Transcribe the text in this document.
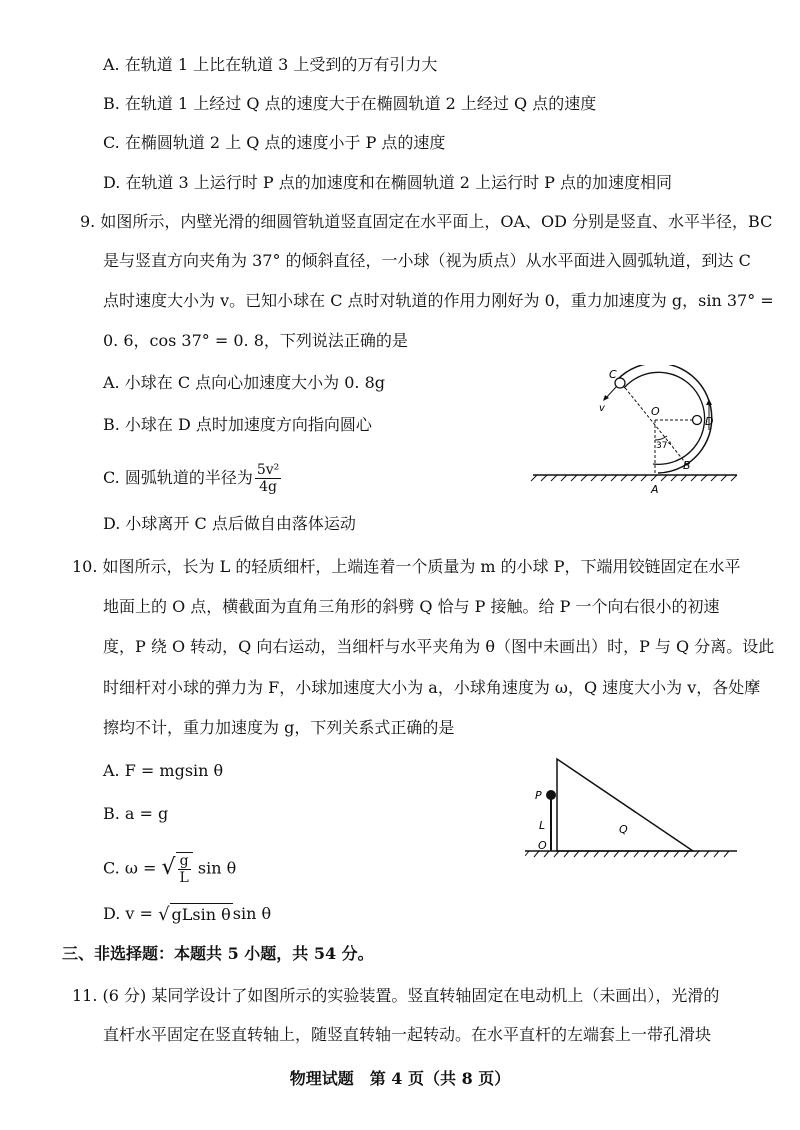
A. 在轨道 1 上比在轨道 3 上受到的万有引力大
B. 在轨道 1 上经过 Q 点的速度大于在椭圆轨道 2 上经过 Q 点的速度
C. 在椭圆轨道 2 上 Q 点的速度小于 P 点的速度
D. 在轨道 3 上运行时 P 点的加速度和在椭圆轨道 2 上运行时 P 点的加速度相同
9. 如图所示，内壁光滑的细圆管轨道竖直固定在水平面上，OA、OD 分别是竖直、水平半径，BC
是与竖直方向夹角为 37° 的倾斜直径，一小球（视为质点）从水平面进入圆弧轨道，到达 C
点时速度大小为 v。已知小球在 C 点时对轨道的作用力刚好为 0，重力加速度为 g，sin 37° =
0. 6，cos 37° = 0. 8，下列说法正确的是
A. 小球在 C 点向心加速度大小为 0. 8g
B. 小球在 D 点时加速度方向指向圆心
C. 圆弧轨道的半径为 $\frac{\text{5v²}}{4g}$
D. 小球离开 C 点后做自由落体运动
C
v	O
D
37°
B
A
10. 如图所示，长为 L 的轻质细杆，上端连着一个质量为 m 的小球 P，下端用铰链固定在水平
地面上的 O 点，横截面为直角三角形的斜劈 Q 恰与 P 接触。给 P 一个向右很小的初速
度，P 绕 O 转动，Q 向右运动，当细杆与水平夹角为 θ（图中未画出）时，P 与 Q 分离。设此
时细杆对小球的弹力为 F，小球加速度大小为 a，小球角速度为 ω，Q 速度大小为 v，各处摩
擦均不计，重力加速度为 g，下列关系式正确的是
A. F = mgsin θ
B. a = g
C. ω = √ $\frac{g}{L}$ sin θ
D. v = √ gLsin θ sin θ
P
L
O
Q
三、非选择题：本题共 5 小题，共 54 分。
11. (6 分) 某同学设计了如图所示的实验装置。竖直转轴固定在电动机上（未画出），光滑的
直杆水平固定在竖直转轴上，随竖直转轴一起转动。在水平直杆的左端套上一带孔滑块
物理试题　第 4 页（共 8 页）
